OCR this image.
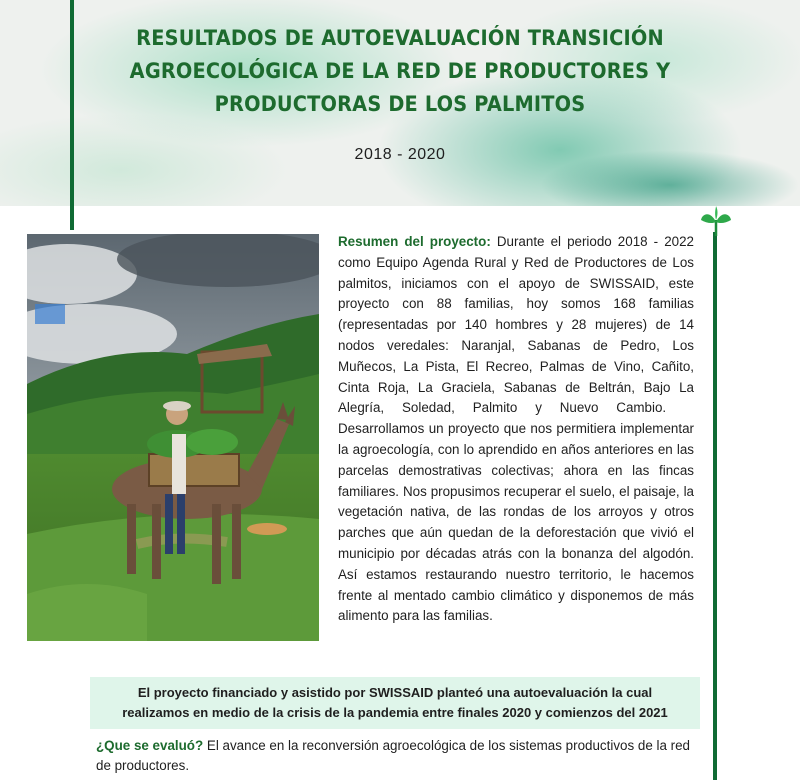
RESULTADOS DE AUTOEVALUACIÓN TRANSICIÓN
AGROECOLÓGICA DE LA RED DE PRODUCTORES Y
PRODUCTORAS DE LOS PALMITOS
2018 - 2020

Resumen del proyecto: Durante el periodo 2018 - 2022 como Equipo Agenda Rural y Red de Productores de Los palmitos, iniciamos con el apoyo de SWISSAID, este proyecto con 88 familias, hoy somos 168 familias (representadas por 140 hombres y 28 mujeres) de 14 nodos veredales: Naranjal, Sabanas de Pedro, Los Muñecos, La Pista, El Recreo, Palmas de Vino, Cañito, Cinta Roja, La Graciela, Sabanas de Beltrán, Bajo La Alegría, Soledad, Palmito y Nuevo Cambio. Desarrollamos un proyecto que nos permitiera implementar la agroecología, con lo aprendido en años anteriores en las parcelas demostrativas colectivas; ahora en las fincas familiares. Nos propusimos recuperar el suelo, el paisaje, la vegetación nativa, de las rondas de los arroyos y otros parches que aún quedan de la deforestación que vivió el municipio por décadas atrás con la bonanza del algodón. Así estamos restaurando nuestro territorio, le hacemos frente al mentado cambio climático y disponemos de más alimento para las familias.

El proyecto financiado y asistido por SWISSAID planteó una autoevaluación la cual
realizamos en medio de la crisis de la pandemia entre finales 2020 y comienzos del 2021

¿Que se evaluó? El avance en la reconversión agroecológica de los sistemas productivos de la red de productores.
